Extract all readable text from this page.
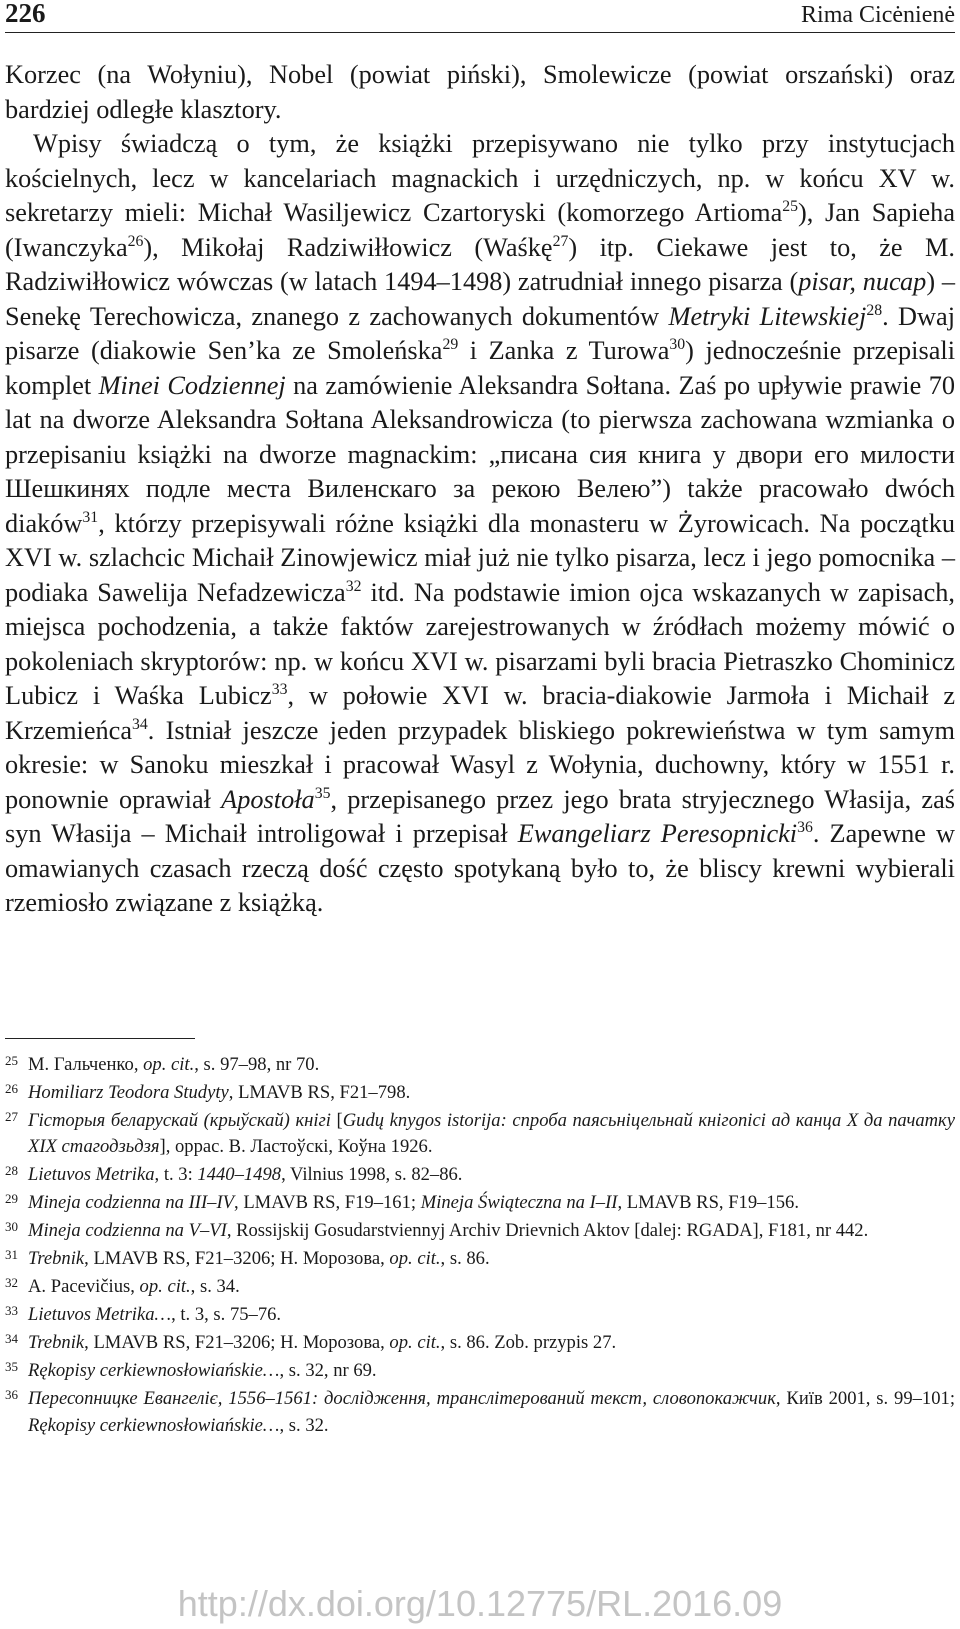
226	Rima Cicėnienė

Korzec (na Wołyniu), Nobel (powiat piński), Smolewicze (powiat orszański) oraz bardziej odległe klasztory.

Wpisy świadczą o tym, że książki przepisywano nie tylko przy instytucjach kościelnych, lecz w kancelariach magnackich i urzędniczych, np. w końcu XV w. sekretarzy mieli: Michał Wasiljewicz Czartoryski (komorzego Artioma$^{25}$), Jan Sapieha (Iwanczyka$^{26}$), Mikołaj Radziwiłłowicz (Waśkę$^{27}$) itp. Ciekawe jest to, że M. Radziwiłłowicz wówczas (w latach 1494–1498) zatrudniał innego pisarza (pisar, писар) – Senekę Terechowicza, znanego z zachowanych dokumentów Metryki Litewskiej$^{28}$. Dwaj pisarze (diakowie Sen’ka ze Smoleńska$^{29}$ i Zanka z Turowa$^{30}$) jednocześnie przepisali komplet Minei Codziennej na zamówienie Aleksandra Sołtana. Zaś po upływie prawie 70 lat na dworze Aleksandra Sołtana Aleksandrowicza (to pierwsza zachowana wzmianka o przepisaniu książki na dworze magnackim: „писана сия книга у двори его милости Шешкинях подле места Виленскаго за рекою Велею”) także pracowało dwóch diaków$^{31}$, którzy przepisywali różne książki dla monasteru w Żyrowicach. Na początku XVI w. szlachcic Michaił Zinowjewicz miał już nie tylko pisarza, lecz i jego pomocnika – podiaka Sawelija Nefadzewicza$^{32}$ itd. Na podstawie imion ojca wskazanych w zapisach, miejsca pochodzenia, a także faktów zarejestrowanych w źródłach możemy mówić o pokoleniach skryptorów: np. w końcu XVI w. pisarzami byli bracia Pietraszko Chominicz Lubicz i Waśka Lubicz$^{33}$, w połowie XVI w. bracia-diakowie Jarmoła i Michaił z Krzemieńca$^{34}$. Istniał jeszcze jeden przypadek bliskiego pokrewieństwa w tym samym okresie: w Sanoku mieszkał i pracował Wasyl z Wołynia, duchowny, który w 1551 r. ponownie oprawiał Apostoła$^{35}$, przepisanego przez jego brata stryjecznego Własija, zaś syn Własija – Michaił introligował i przepisał Ewangeliarz Peresopnicki$^{36}$. Zapewne w omawianych czasach rzeczą dość często spotykaną było to, że bliscy krewni wybierali rzemiosło związane z książką.

25 М. Гальченко, op. cit., s. 97–98, nr 70.
26 Homiliarz Teodora Studyty, LMAVB RS, F21–798.
27 Гісторыя беларускай (крыўскай) кнігі [Gudų knygos istorija: спроба паясьніцельнай кнігопісі ад канца X да пачатку XIX стагодзьдзя], opрac. В. Ластоўскі, Коўна 1926.
28 Lietuvos Metrika, t. 3: 1440–1498, Vilnius 1998, s. 82–86.
29 Mineja codzienna na III–IV, LMAVB RS, F19–161; Mineja Świąteczna na I–II, LMAVB RS, F19–156.
30 Mineja codzienna na V–VI, Rossijskij Gosudarstviennyj Archiv Drievnich Aktov [dalej: RGADA], F181, nr 442.
31 Trebnik, LMAVB RS, F21–3206; Н. Морозова, op. cit., s. 86.
32 A. Pacevičius, op. cit., s. 34.
33 Lietuvos Metrika…, t. 3, s. 75–76.
34 Trebnik, LMAVB RS, F21–3206; Н. Морозова, op. cit., s. 86. Zob. przypis 27.
35 Rękopisy cerkiewnosłowiańskie…, s. 32, nr 69.
36 Пересопницке Евангеліє, 1556–1561: дослідження, транслітерований текст, словопокажчик, Київ 2001, s. 99–101; Rękopisy cerkiewnosłowiańskie…, s. 32.
http://dx.doi.org/10.12775/RL.2016.09
